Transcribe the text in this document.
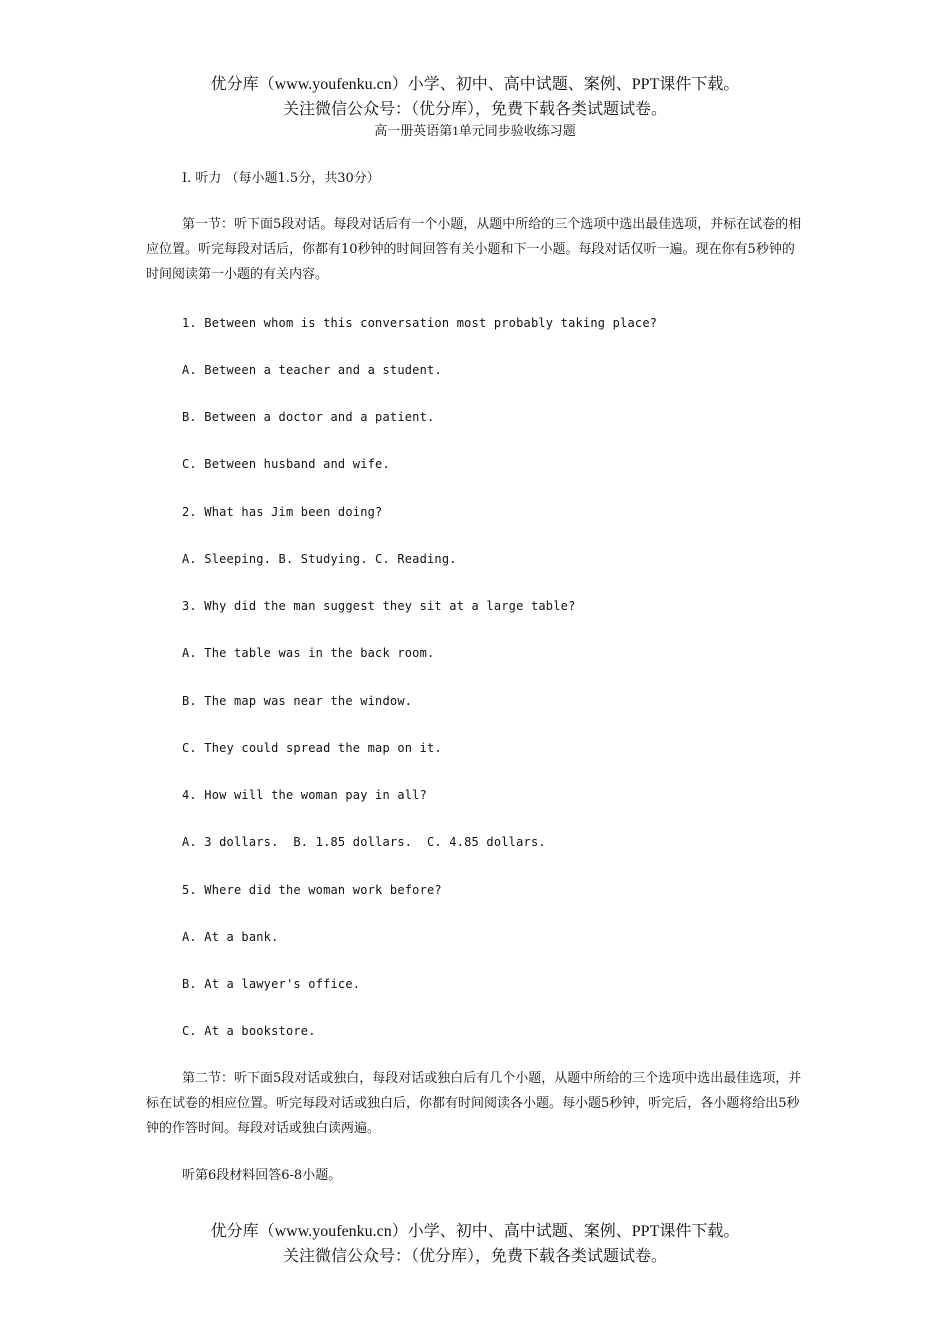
优分库（www.youfenku.cn）小学、初中、高中试题、案例、PPT课件下载。
关注微信公众号：（优分库），免费下载各类试题试卷。
高一册英语第1单元同步验收练习题
I. 听力 （每小题1.5分，共30分）
第一节：听下面5段对话。每段对话后有一个小题，从题中所给的三个选项中选出最佳选项，并标在试卷的相应位置。听完每段对话后，你都有10秒钟的时间回答有关小题和下一小题。每段对话仅听一遍。现在你有5秒钟的时间阅读第一小题的有关内容。
1. Between whom is this conversation most probably taking place?
A. Between a teacher and a student.
B. Between a doctor and a patient.
C. Between husband and wife.
2. What has Jim been doing?
A. Sleeping. B. Studying. C. Reading.
3. Why did the man suggest they sit at a large table?
A. The table was in the back room.
B. The map was near the window.
C. They could spread the map on it.
4. How will the woman pay in all?
A. 3 dollars.  B. 1.85 dollars.  C. 4.85 dollars.
5. Where did the woman work before?
A. At a bank.
B. At a lawyer's office.
C. At a bookstore.
第二节：听下面5段对话或独白，每段对话或独白后有几个小题，从题中所给的三个选项中选出最佳选项，并标在试卷的相应位置。听完每段对话或独白后，你都有时间阅读各小题。每小题5秒钟，听完后，各小题将给出5秒钟的作答时间。每段对话或独白读两遍。
听第6段材料回答6-8小题。
优分库（www.youfenku.cn）小学、初中、高中试题、案例、PPT课件下载。
关注微信公众号：（优分库），免费下载各类试题试卷。
